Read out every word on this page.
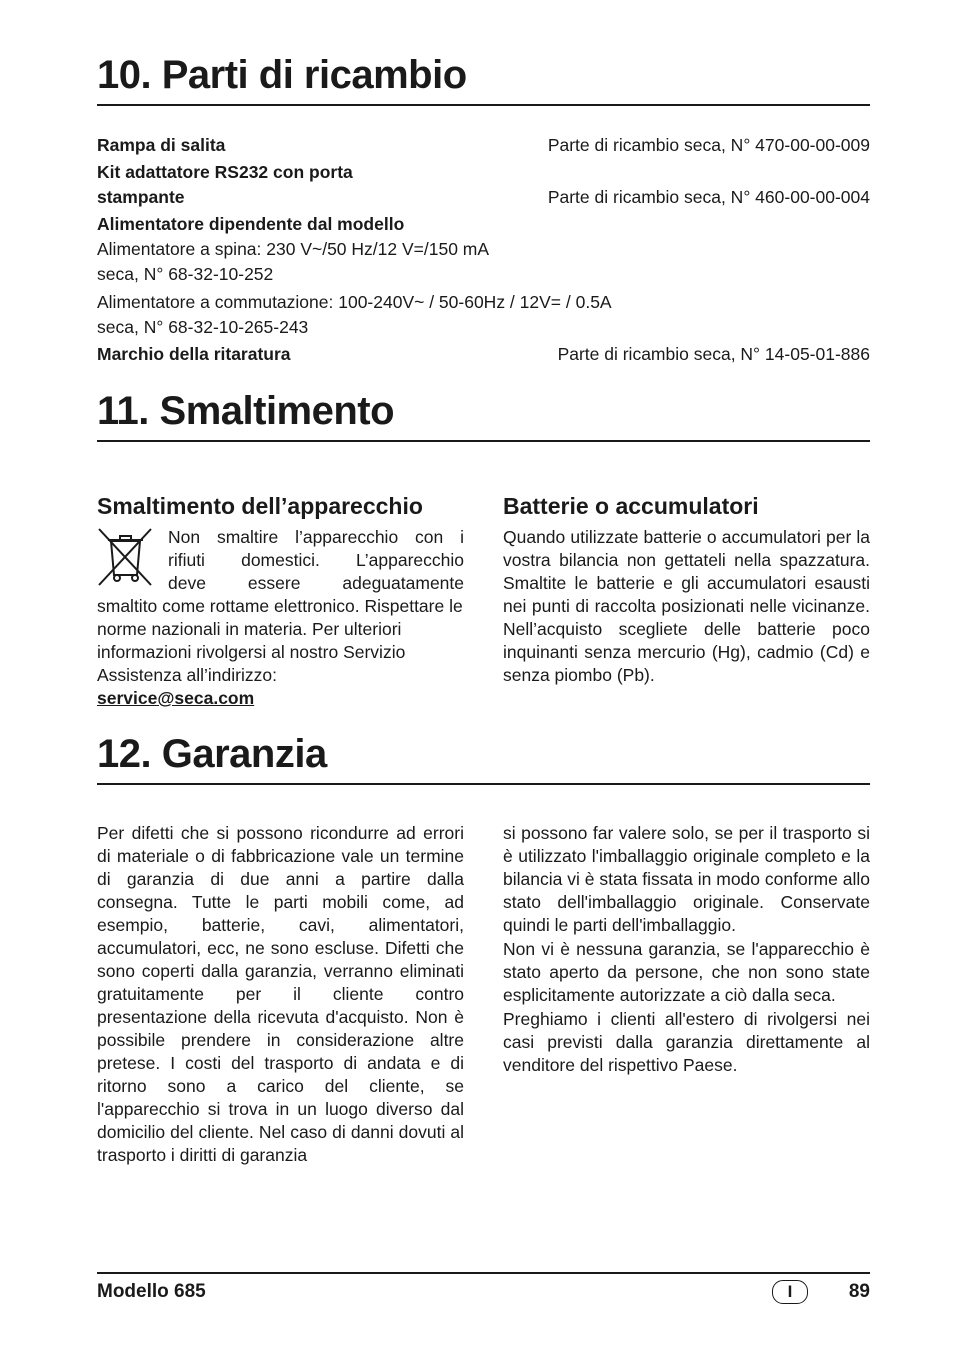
10. Parti di ricambio
Rampa di salita	Parte di ricambio seca, N° 470-00-00-009
Kit adattatore RS232 con porta
stampante	Parte di ricambio seca, N° 460-00-00-004
Alimentatore dipendente dal modello
Alimentatore a spina: 230 V~/50 Hz/12 V=/150 mA
seca, N° 68-32-10-252
Alimentatore a commutazione: 100-240V~ / 50-60Hz / 12V= / 0.5A
seca, N° 68-32-10-265-243
Marchio della ritaratura	Parte di ricambio seca, N° 14-05-01-886
11. Smaltimento
Smaltimento dell’apparecchio

Non smaltire l’apparecchio con i

rifiuti domestici. L’apparecchio

deve essere adeguatamente

smaltito come rottame elettronico. Rispettare le norme nazionali in materia. Per ulteriori informazioni rivolgersi al nostro Servizio Assistenza all’indirizzo:

service@seca.com
Batterie o accumulatori

Quando utilizzate batterie o accumulatori per la vostra bilancia non gettateli nella spazzatura. Smaltite le batterie e gli accumulatori esausti nei punti di raccolta posizionati nelle vicinanze. Nell’acquisto scegliete delle batterie poco inquinanti senza mercurio (Hg), cadmio (Cd) e senza piombo (Pb).

12. Garanzia

Per difetti che si possono ricondurre ad errori di materiale o di fabbricazione vale un termine di garanzia di due anni a partire dalla consegna. Tutte le parti mobili come, ad esempio, batterie, cavi, alimentatori, accumulatori, ecc, ne sono escluse. Difetti che sono coperti dalla garanzia, verranno eliminati gratuitamente per il cliente contro presentazione della ricevuta d'acquisto. Non è possibile prendere in considerazione altre pretese. I costi del trasporto di andata e di ritorno sono a carico del cliente, se l'apparecchio si trova in un luogo diverso dal domicilio del cliente. Nel caso di danni dovuti al trasporto i diritti di garanzia

si possono far valere solo, se per il trasporto si è utilizzato l'imballaggio originale completo e la bilancia vi è stata fissata in modo conforme allo stato dell'imballaggio originale. Conservate quindi le parti dell'imballaggio.

Non vi è nessuna garanzia, se l'apparecchio è stato aperto da persone, che non sono state esplicitamente autorizzate a ciò dalla seca.

Preghiamo i clienti all'estero di rivolgersi nei casi previsti dalla garanzia direttamente al venditore del rispettivo Paese.

Modello 685	I	89
